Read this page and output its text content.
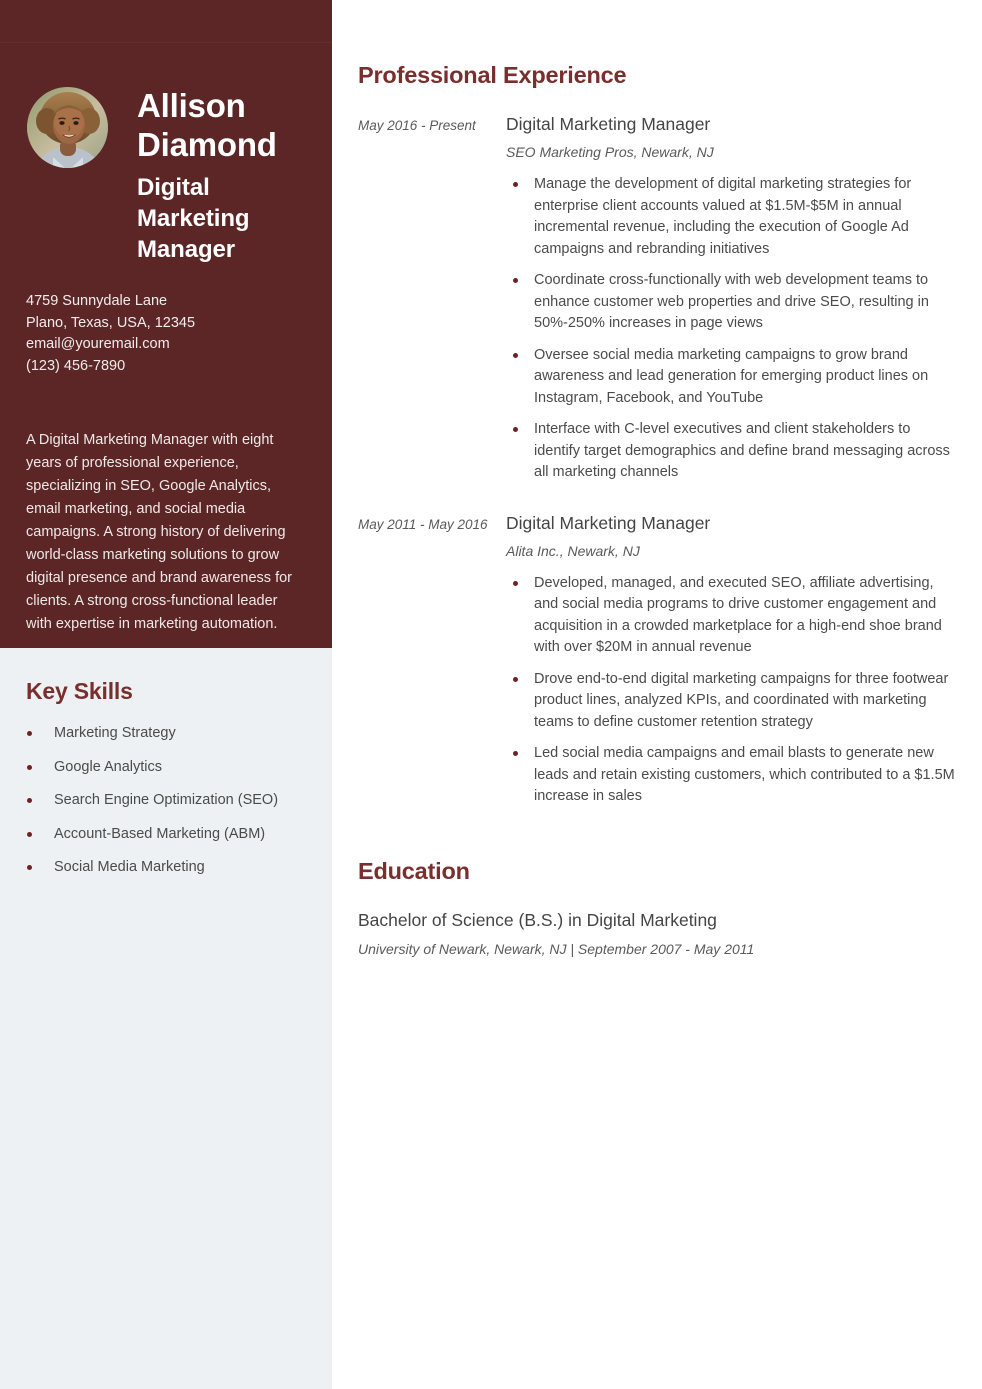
Allison Diamond
Digital Marketing Manager
4759 Sunnydale Lane
Plano, Texas, USA, 12345
email@youremail.com
(123) 456-7890
A Digital Marketing Manager with eight years of professional experience, specializing in SEO, Google Analytics, email marketing, and social media campaigns. A strong history of delivering world-class marketing solutions to grow digital presence and brand awareness for clients. A strong cross-functional leader with expertise in marketing automation.
Key Skills
Marketing Strategy
Google Analytics
Search Engine Optimization (SEO)
Account-Based Marketing (ABM)
Social Media Marketing
Professional Experience
May 2016 - Present	Digital Marketing Manager
SEO Marketing Pros, Newark, NJ
Manage the development of digital marketing strategies for enterprise client accounts valued at $1.5M-$5M in annual incremental revenue, including the execution of Google Ad campaigns and rebranding initiatives
Coordinate cross-functionally with web development teams to enhance customer web properties and drive SEO, resulting in 50%-250% increases in page views
Oversee social media marketing campaigns to grow brand awareness and lead generation for emerging product lines on Instagram, Facebook, and YouTube
Interface with C-level executives and client stakeholders to identify target demographics and define brand messaging across all marketing channels
May 2011 - May 2016 Digital Marketing Manager
Alita Inc., Newark, NJ
Developed, managed, and executed SEO, affiliate advertising, and social media programs to drive customer engagement and acquisition in a crowded marketplace for a high-end shoe brand with over $20M in annual revenue
Drove end-to-end digital marketing campaigns for three footwear product lines, analyzed KPIs, and coordinated with marketing teams to define customer retention strategy
Led social media campaigns and email blasts to generate new leads and retain existing customers, which contributed to a $1.5M increase in sales
Education
Bachelor of Science (B.S.) in Digital Marketing
University of Newark, Newark, NJ | September 2007 - May 2011
